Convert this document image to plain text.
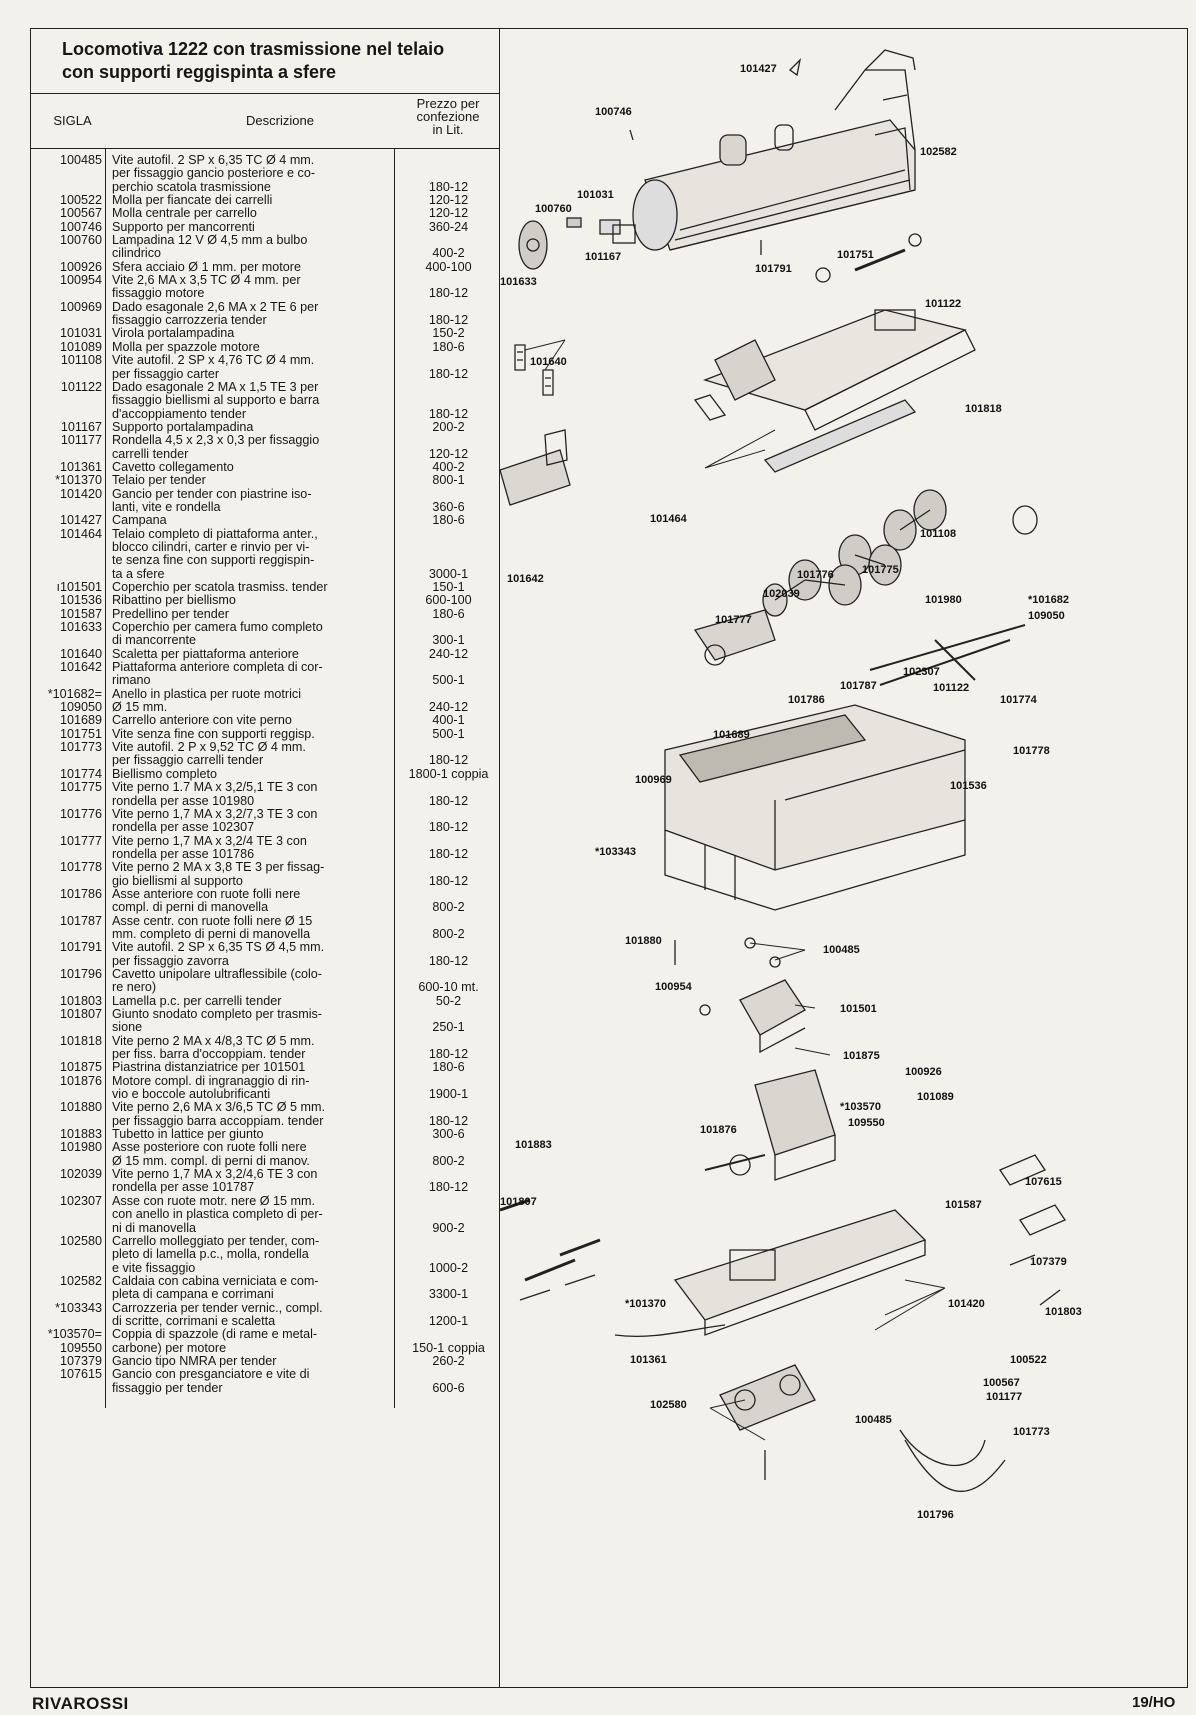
Locomotiva 1222 con trasmissione nel telaio
con supporti reggispinta a sfere
SIGLA	Descrizione
Prezzo per
confezione
in Lit.
100485 Vite autofil. 2 SP x 6,35 TC Ø 4 mm.
per fissaggio gancio posteriore e co-
perchio scatola trasmissione	180-12
100522 Molla per fiancate dei carrelli	120-12
100567 Molla centrale per carrello	120-12
100746 Supporto per mancorrenti	360-24
100760 Lampadina 12 V Ø 4,5 mm a bulbo
cilindrico	400-2
100926 Sfera acciaio Ø 1 mm. per motore	400-100
100954 Vite 2,6 MA x 3,5 TC Ø 4 mm. per
fissaggio motore	180-12
100969 Dado esagonale 2,6 MA x 2 TE 6 per
fissaggio carrozzeria tender	180-12
101031 Virola portalampadina	150-2
101089 Molla per spazzole motore	180-6
101108 Vite autofil. 2 SP x 4,76 TC Ø 4 mm.
per fissaggio carter	180-12
101122 Dado esagonale 2 MA x 1,5 TE 3 per
fissaggio biellismi al supporto e barra
d'accoppiamento tender	180-12
101167 Supporto portalampadina	200-2
101177 Rondella 4,5 x 2,3 x 0,3 per fissaggio
carrelli tender	120-12
101361 Cavetto collegamento	400-2
*101370 Telaio per tender	800-1
101420 Gancio per tender con piastrine iso-
lanti, vite e rondella	360-6
101427 Campana	180-6
101464 Telaio completo di piattaforma anter.,
blocco cilindri, carter e rinvio per vi-
te senza fine con supporti reggispin-
ta a sfere	3000-1
ı101501 Coperchio per scatola trasmiss. tender	150-1
101536 Ribattino per biellismo	600-100
101587 Predellino per tender	180-6
101633 Coperchio per camera fumo completo
di mancorrente	300-1
101640 Scaletta per piattaforma anteriore	240-12
101642 Piattaforma anteriore completa di cor-
rimano	500-1
*101682=
109050
Anello in plastica per ruote motrici
Ø 15 mm.	240-12
101689 Carrello anteriore con vite perno	400-1
101751 Vite senza fine con supporti reggisp.	500-1
101773 Vite autofil. 2 P x 9,52 TC Ø 4 mm.
per fissaggio carrelli tender	180-12
101774 Biellismo completo	1800-1 coppia
101775 Vite perno 1.7 MA x 3,2/5,1 TE 3 con
rondella per asse 101980	180-12
101776 Vite perno 1,7 MA x 3,2/7,3 TE 3 con
rondella per asse 102307	180-12
101777 Vite perno 1,7 MA x 3,2/4 TE 3 con
rondella per asse 101786	180-12
101778 Vite perno 2 MA x 3,8 TE 3 per fissag-
gio biellismi al supporto	180-12
101786 Asse anteriore con ruote folli nere
compl. di perni di manovella	800-2
101787 Asse centr. con ruote folli nere Ø 15
mm. completo di perni di manovella	800-2
101791 Vite autofil. 2 SP x 6,35 TS Ø 4,5 mm.
per fissaggio zavorra	180-12
101796 Cavetto unipolare ultraflessibile (colo-
re nero)	600-10 mt.
101803 Lamella p.c. per carrelli tender	50-2
101807 Giunto snodato completo per trasmis-
sione	250-1
101818 Vite perno 2 MA x 4/8,3 TC Ø 5 mm.
per fiss. barra d'occoppiam. tender	180-12
101875 Piastrina distanziatrice per 101501	180-6
101876 Motore compl. di ingranaggio di rin-
vio e boccole autolubrificanti	1900-1
101880 Vite perno 2,6 MA x 3/6,5 TC Ø 5 mm.
per fissaggio barra accoppiam. tender	180-12
101883 Tubetto in lattice per giunto	300-6
101980 Asse posteriore con ruote folli nere
Ø 15 mm. compl. di perni di manov.	800-2
102039 Vite perno 1,7 MA x 3,2/4,6 TE 3 con
rondella per asse 101787	180-12
102307 Asse con ruote motr. nere Ø 15 mm.
con anello in plastica completo di per-
ni di manovella	900-2
102580 Carrello molleggiato per tender, com-
pleto di lamella p.c., molla, rondella
e vite fissaggio	1000-2
102582 Caldaia con cabina verniciata e com-
pleta di campana e corrimani	3300-1
*103343 Carrozzeria per tender vernic., compl.
di scritte, corrimani e scaletta	1200-1
*103570=
109550
Coppia di spazzole (di rame e metal-
carbone) per motore	150-1 coppia
107379 Gancio tipo NMRA per tender	260-2
107615 Gancio con presganciatore e vite di
fissaggio per tender	600-6
101427
100746
102582
101031
100760
101167
101633
101791
101751
101122
101640
101818
101464
101108
101642	101776	101775
102039	101980	*101682
109050
101777
102307
101787
101786
101122
101774
101689
101778
101536
100969
*103343
101880
100485
100954
101501
101875
100926
101089
*103570
109550
101876
101883
107615
101807	101587
107379
*101370	101420
101803
101361	100522
100567
101177
102580
100485
101773
101796
RIVAROSSI	19/HO
